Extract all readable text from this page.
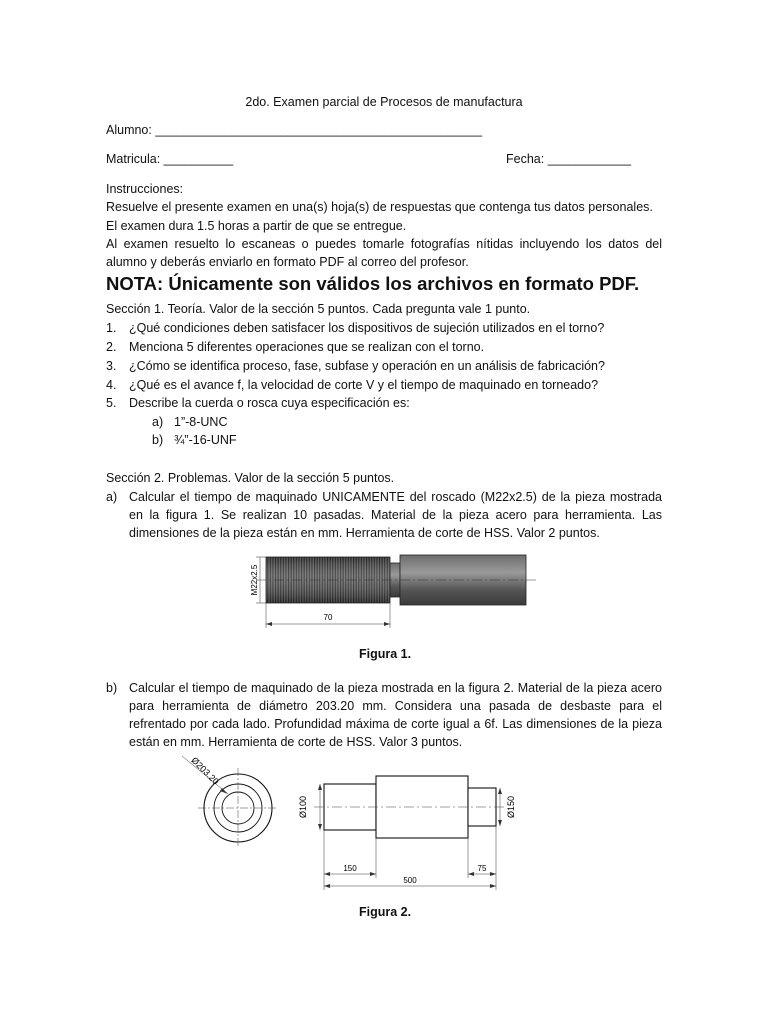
2do. Examen parcial de Procesos de manufactura
Alumno: _______________________________________________
Matricula: __________	Fecha: ____________
Instrucciones:
Resuelve el presente examen en una(s) hoja(s) de respuestas que contenga tus datos personales.
El examen dura 1.5 horas a partir de que se entregue.
Al examen resuelto lo escaneas o puedes tomarle fotografías nítidas incluyendo los datos del alumno y deberás enviarlo en formato PDF al correo del profesor.
NOTA: Únicamente son válidos los archivos en formato PDF.
Sección 1. Teoría. Valor de la sección 5 puntos. Cada pregunta vale 1 punto.
1. ¿Qué condiciones deben satisfacer los dispositivos de sujeción utilizados en el torno?
2. Menciona 5 diferentes operaciones que se realizan con el torno.
3. ¿Cómo se identifica proceso, fase, subfase y operación en un análisis de fabricación?
4. ¿Qué es el avance f, la velocidad de corte V y el tiempo de maquinado en torneado?
5. Describe la cuerda o rosca cuya especificación es:
a) 1”-8-UNC
b) ¾”-16-UNF
Sección 2. Problemas. Valor de la sección 5 puntos.
a) Calcular el tiempo de maquinado UNICAMENTE del roscado (M22x2.5) de la pieza mostrada en la figura 1. Se realizan 10 pasadas. Material de la pieza acero para herramienta. Las dimensiones de la pieza están en mm. Herramienta de corte de HSS. Valor 2 puntos.
M22x2.5
70
Figura 1.
b) Calcular el tiempo de maquinado de la pieza mostrada en la figura 2. Material de la pieza acero para herramienta de diámetro 203.20 mm. Considera una pasada de desbaste para el refrentado por cada lado. Profundidad máxima de corte igual a 6f. Las dimensiones de la pieza están en mm. Herramienta de corte de HSS. Valor 3 puntos.
Ø203.20
Ø100	Ø150
150	75
500
Figura 2.
